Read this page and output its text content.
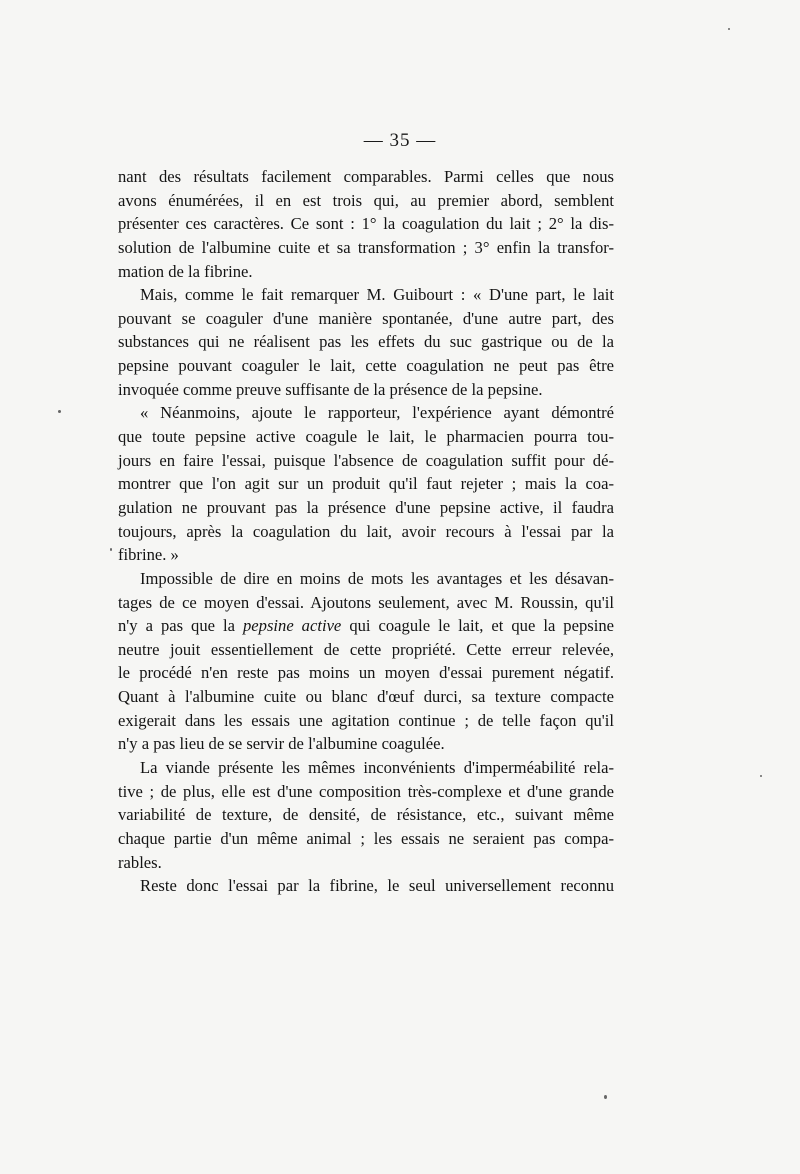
— 35 —
nant des résultats facilement comparables. Parmi celles que nous
avons énumérées, il en est trois qui, au premier abord, semblent
présenter ces caractères. Ce sont : 1° la coagulation du lait ; 2° la dis-
solution de l'albumine cuite et sa transformation ; 3° enfin la transfor-
mation de la fibrine.
Mais, comme le fait remarquer M. Guibourt : « D'une part, le lait
pouvant se coaguler d'une manière spontanée, d'une autre part, des
substances qui ne réalisent pas les effets du suc gastrique ou de la
pepsine pouvant coaguler le lait, cette coagulation ne peut pas être
invoquée comme preuve suffisante de la présence de la pepsine.
« Néanmoins, ajoute le rapporteur, l'expérience ayant démontré
que toute pepsine active coagule le lait, le pharmacien pourra tou-
jours en faire l'essai, puisque l'absence de coagulation suffit pour dé-
montrer que l'on agit sur un produit qu'il faut rejeter ; mais la coa-
gulation ne prouvant pas la présence d'une pepsine active, il faudra
toujours, après la coagulation du lait, avoir recours à l'essai par la
fibrine. »
Impossible de dire en moins de mots les avantages et les désavan-
tages de ce moyen d'essai. Ajoutons seulement, avec M. Roussin, qu'il
n'y a pas que la pepsine active qui coagule le lait, et que la pepsine
neutre jouit essentiellement de cette propriété. Cette erreur relevée,
le procédé n'en reste pas moins un moyen d'essai purement négatif.
Quant à l'albumine cuite ou blanc d'œuf durci, sa texture compacte
exigerait dans les essais une agitation continue ; de telle façon qu'il
n'y a pas lieu de se servir de l'albumine coagulée.
La viande présente les mêmes inconvénients d'imperméabilité rela-
tive ; de plus, elle est d'une composition très-complexe et d'une grande
variabilité de texture, de densité, de résistance, etc., suivant même
chaque partie d'un même animal ; les essais ne seraient pas compa-
rables.
Reste donc l'essai par la fibrine, le seul universellement reconnu
